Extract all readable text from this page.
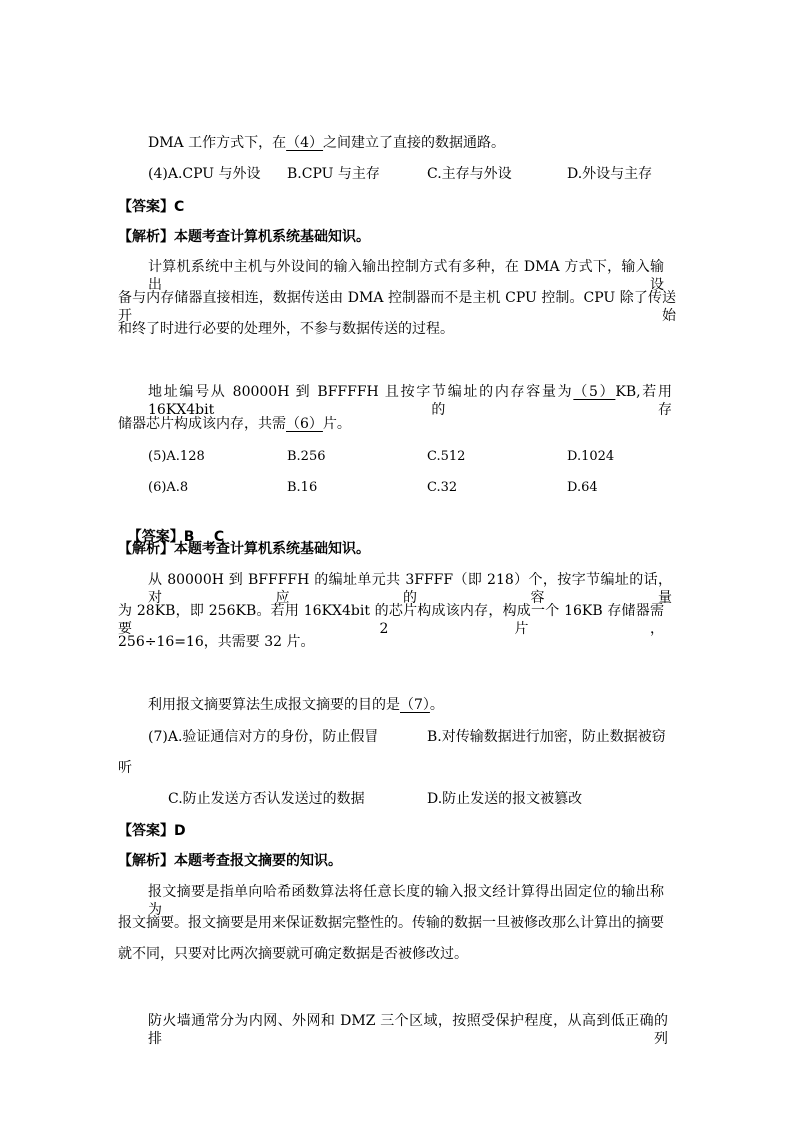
DMA 工作方式下，在（4）之间建立了直接的数据通路。
(4)A.CPU 与外设 B.CPU 与主存	C.主存与外设	D.外设与主存
【答案】C
【解析】本题考查计算机系统基础知识。
计算机系统中主机与外设间的输入输出控制方式有多种，在 DMA 方式下，输入输出设
备与内存储器直接相连，数据传送由 DMA 控制器而不是主机 CPU 控制。CPU 除了传送开始
和终了时进行必要的处理外，不参与数据传送的过程。
地址编号从 80000H 到 BFFFFH 且按字节编址的内存容量为（5）KB,若用 16KX4bit 的存
储器芯片构成该内存，共需（6）片。
(5)A.128	B.256	C.512	D.1024
(6)A.8	B.16	C.32	D.64

【答案】B    C

【解析】本题考查计算机系统基础知识。
从 80000H 到 BFFFFH 的编址单元共 3FFFF（即 218）个，按字节编址的话，对应的容量
为 28KB，即 256KB。若用 16KX4bit 的芯片构成该内存，构成一个 16KB 存储器需要 2 片，
256÷16=16，共需要 32 片。
利用报文摘要算法生成报文摘要的目的是（7）。
(7)A.验证通信对方的身份，防止假冒	B.对传输数据进行加密，防止数据被窃
听
C.防止发送方否认发送过的数据	D.防止发送的报文被篡改
【答案】D
【解析】本题考查报文摘要的知识。
报文摘要是指单向哈希函数算法将任意长度的输入报文经计算得出固定位的输出称为
报文摘要。报文摘要是用来保证数据完整性的。传输的数据一旦被修改那么计算出的摘要
就不同，只要对比两次摘要就可确定数据是否被修改过。
防火墙通常分为内网、外网和 DMZ 三个区域，按照受保护程度，从高到低正确的排列
